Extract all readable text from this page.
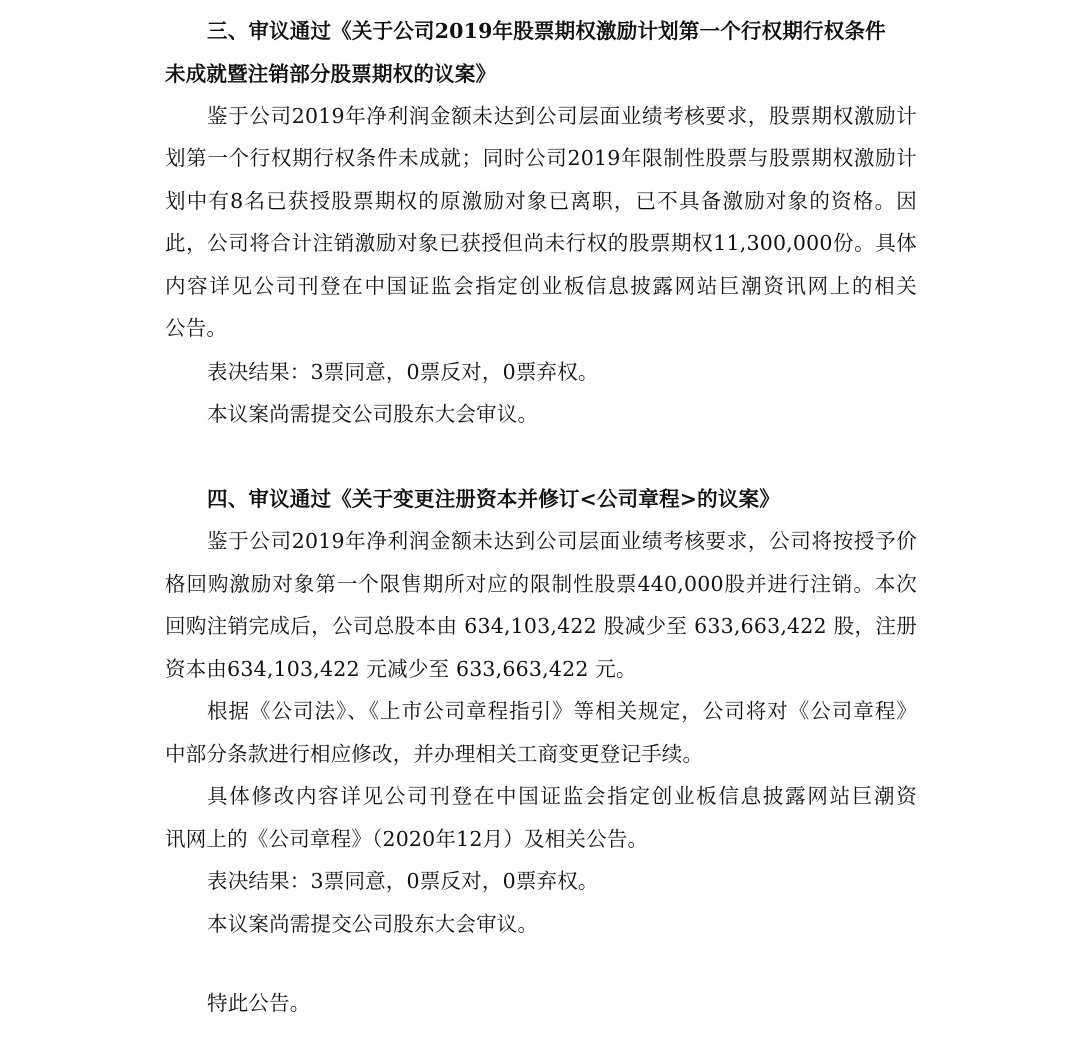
三、审议通过《关于公司2019年股票期权激励计划第一个行权期行权条件
未成就暨注销部分股票期权的议案》
鉴于公司2019年净利润金额未达到公司层面业绩考核要求，股票期权激励计
划第一个行权期行权条件未成就；同时公司2019年限制性股票与股票期权激励计
划中有8名已获授股票期权的原激励对象已离职，已不具备激励对象的资格。因
此，公司将合计注销激励对象已获授但尚未行权的股票期权11,300,000份。具体
内容详见公司刊登在中国证监会指定创业板信息披露网站巨潮资讯网上的相关
公告。
表决结果：3票同意，0票反对，0票弃权。
本议案尚需提交公司股东大会审议。
四、审议通过《关于变更注册资本并修订<公司章程>的议案》
鉴于公司2019年净利润金额未达到公司层面业绩考核要求，公司将按授予价
格回购激励对象第一个限售期所对应的限制性股票440,000股并进行注销。本次
回购注销完成后，公司总股本由 634,103,422 股减少至 633,663,422 股，注册
资本由634,103,422 元减少至 633,663,422 元。
根据《公司法》、《上市公司章程指引》等相关规定，公司将对《公司章程》
中部分条款进行相应修改，并办理相关工商变更登记手续。
具体修改内容详见公司刊登在中国证监会指定创业板信息披露网站巨潮资
讯网上的《公司章程》（2020年12月）及相关公告。
表决结果：3票同意，0票反对，0票弃权。
本议案尚需提交公司股东大会审议。
特此公告。
